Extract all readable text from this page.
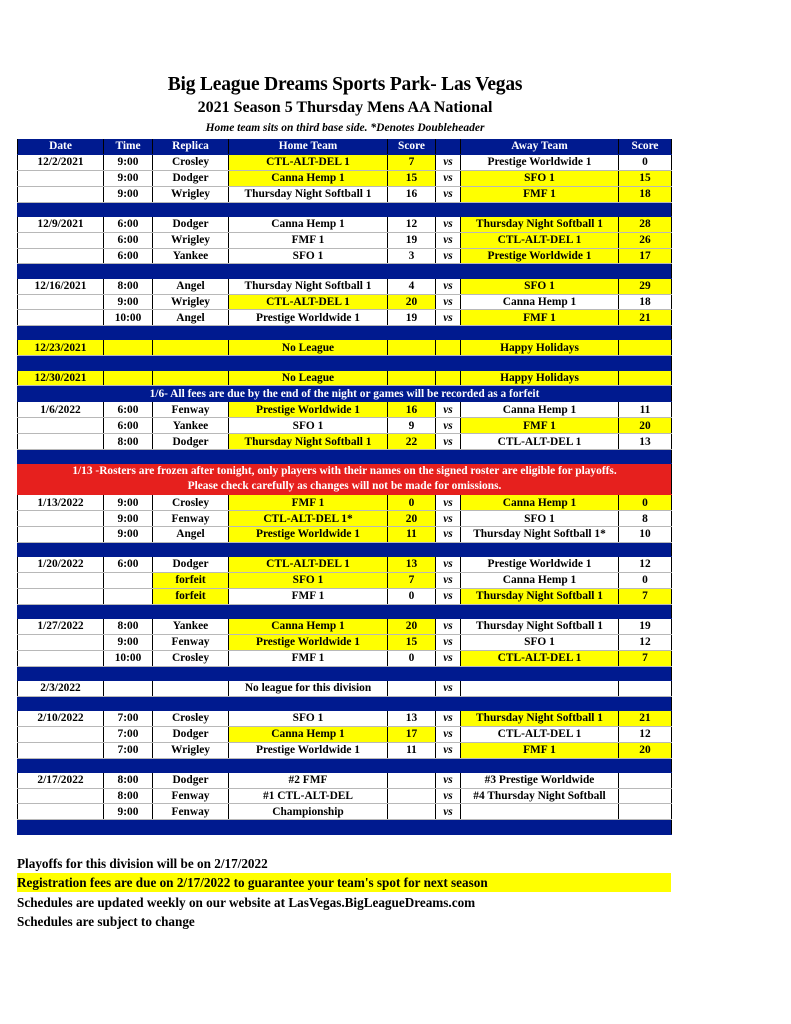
Big League Dreams Sports Park- Las Vegas
2021 Season 5 Thursday Mens AA National
Home team sits on third base side. *Denotes Doubleheader
Date	Time	Replica	Home Team	Score		Away Team	Score
12/2/2021	9:00	Crosley	CTL-ALT-DEL 1	7	vs	Prestige Worldwide 1	0
	9:00	Dodger	Canna Hemp 1	15	vs	SFO 1	15
	9:00	Wrigley	Thursday Night Softball 1	16	vs	FMF 1	18

12/9/2021	6:00	Dodger	Canna Hemp 1	12	vs	Thursday Night Softball 1	28
	6:00	Wrigley	FMF 1	19	vs	CTL-ALT-DEL 1	26
	6:00	Yankee	SFO 1	3	vs	Prestige Worldwide 1	17

12/16/2021	8:00	Angel	Thursday Night Softball 1	4	vs	SFO 1	29
	9:00	Wrigley	CTL-ALT-DEL 1	20	vs	Canna Hemp 1	18
	10:00	Angel	Prestige Worldwide 1	19	vs	FMF 1	21

12/23/2021			No League			Happy Holidays	

12/30/2021			No League			Happy Holidays	
1/6- All fees are due by the end of the night or games will be recorded as a forfeit							
1/6/2022	6:00	Fenway	Prestige Worldwide 1	16	vs	Canna Hemp 1	11
	6:00	Yankee	SFO 1	9	vs	FMF 1	20
	8:00	Dodger	Thursday Night Softball 1	22	vs	CTL-ALT-DEL 1	13

1/13 -Rosters are frozen after tonight, only players with their names on the signed roster are eligible for playoffs.
Please check carefully as changes will not be made for omissions.							

1/13/2022	9:00	Crosley	FMF 1	0	vs	Canna Hemp 1	0
	9:00	Fenway	CTL-ALT-DEL 1*	20	vs	SFO 1	8
	9:00	Angel	Prestige Worldwide 1	11	vs	Thursday Night Softball 1*	10

1/20/2022	6:00	Dodger	CTL-ALT-DEL 1	13	vs	Prestige Worldwide 1	12
		forfeit	SFO 1	7	vs	Canna Hemp 1	0
		forfeit	FMF 1	0	vs	Thursday Night Softball 1	7

1/27/2022	8:00	Yankee	Canna Hemp 1	20	vs	Thursday Night Softball 1	19
	9:00	Fenway	Prestige Worldwide 1	15	vs	SFO 1	12
	10:00	Crosley	FMF 1	0	vs	CTL-ALT-DEL 1	7

2/3/2022			No league for this division		vs		

2/10/2022	7:00	Crosley	SFO 1	13	vs	Thursday Night Softball 1	21
	7:00	Dodger	Canna Hemp 1	17	vs	CTL-ALT-DEL 1	12
	7:00	Wrigley	Prestige Worldwide 1	11	vs	FMF 1	20

2/17/2022	8:00	Dodger	#2 FMF		vs	#3 Prestige Worldwide	
	8:00	Fenway	#1 CTL-ALT-DEL		vs	#4 Thursday Night Softball	
	9:00	Fenway	Championship		vs		

Playoffs for this division will be on 2/17/2022
Registration fees are due on 2/17/2022 to guarantee your team's spot for next season
Schedules are updated weekly on our website at LasVegas.BigLeagueDreams.com
Schedules are subject to change
